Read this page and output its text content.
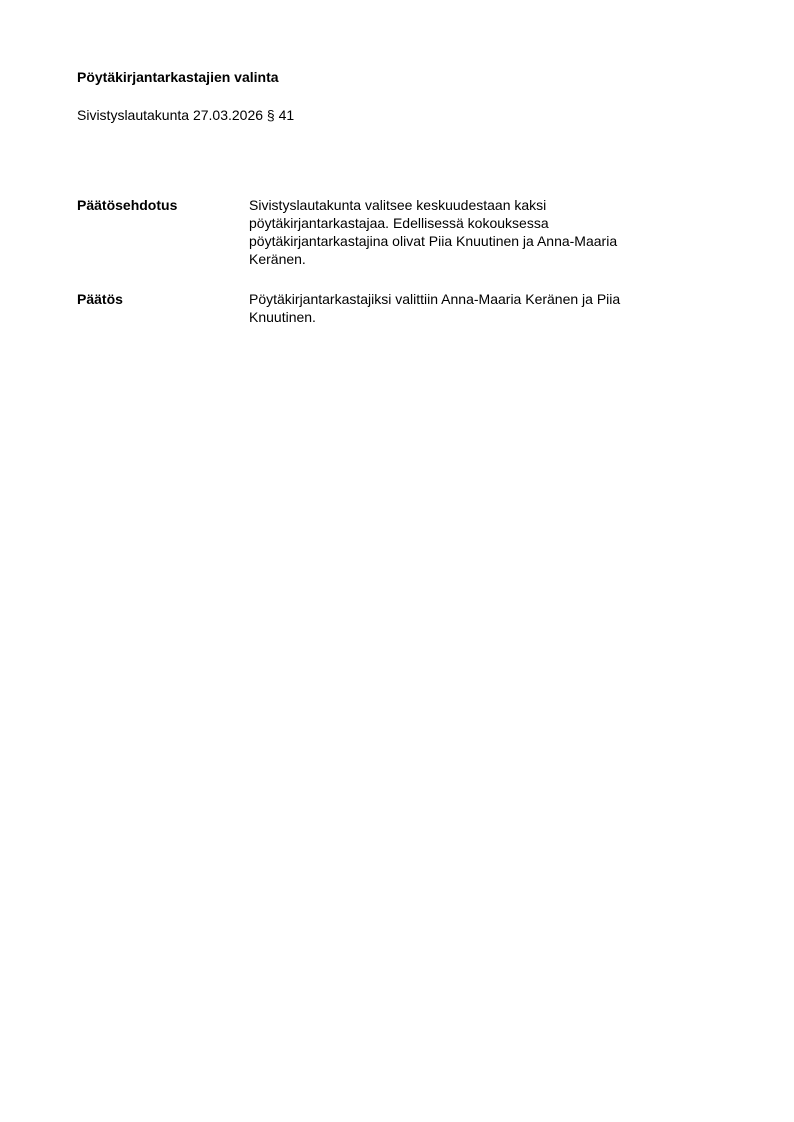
Pöytäkirjantarkastajien valinta
Sivistyslautakunta 27.03.2026 § 41
Päätösehdotus	Sivistyslautakunta valitsee keskuudestaan kaksi
pöytäkirjantarkastajaa. Edellisessä kokouksessa
pöytäkirjantarkastajina olivat Piia Knuutinen ja Anna-Maaria
Keränen.
Päätös	Pöytäkirjantarkastajiksi valittiin Anna-Maaria Keränen ja Piia
Knuutinen.
